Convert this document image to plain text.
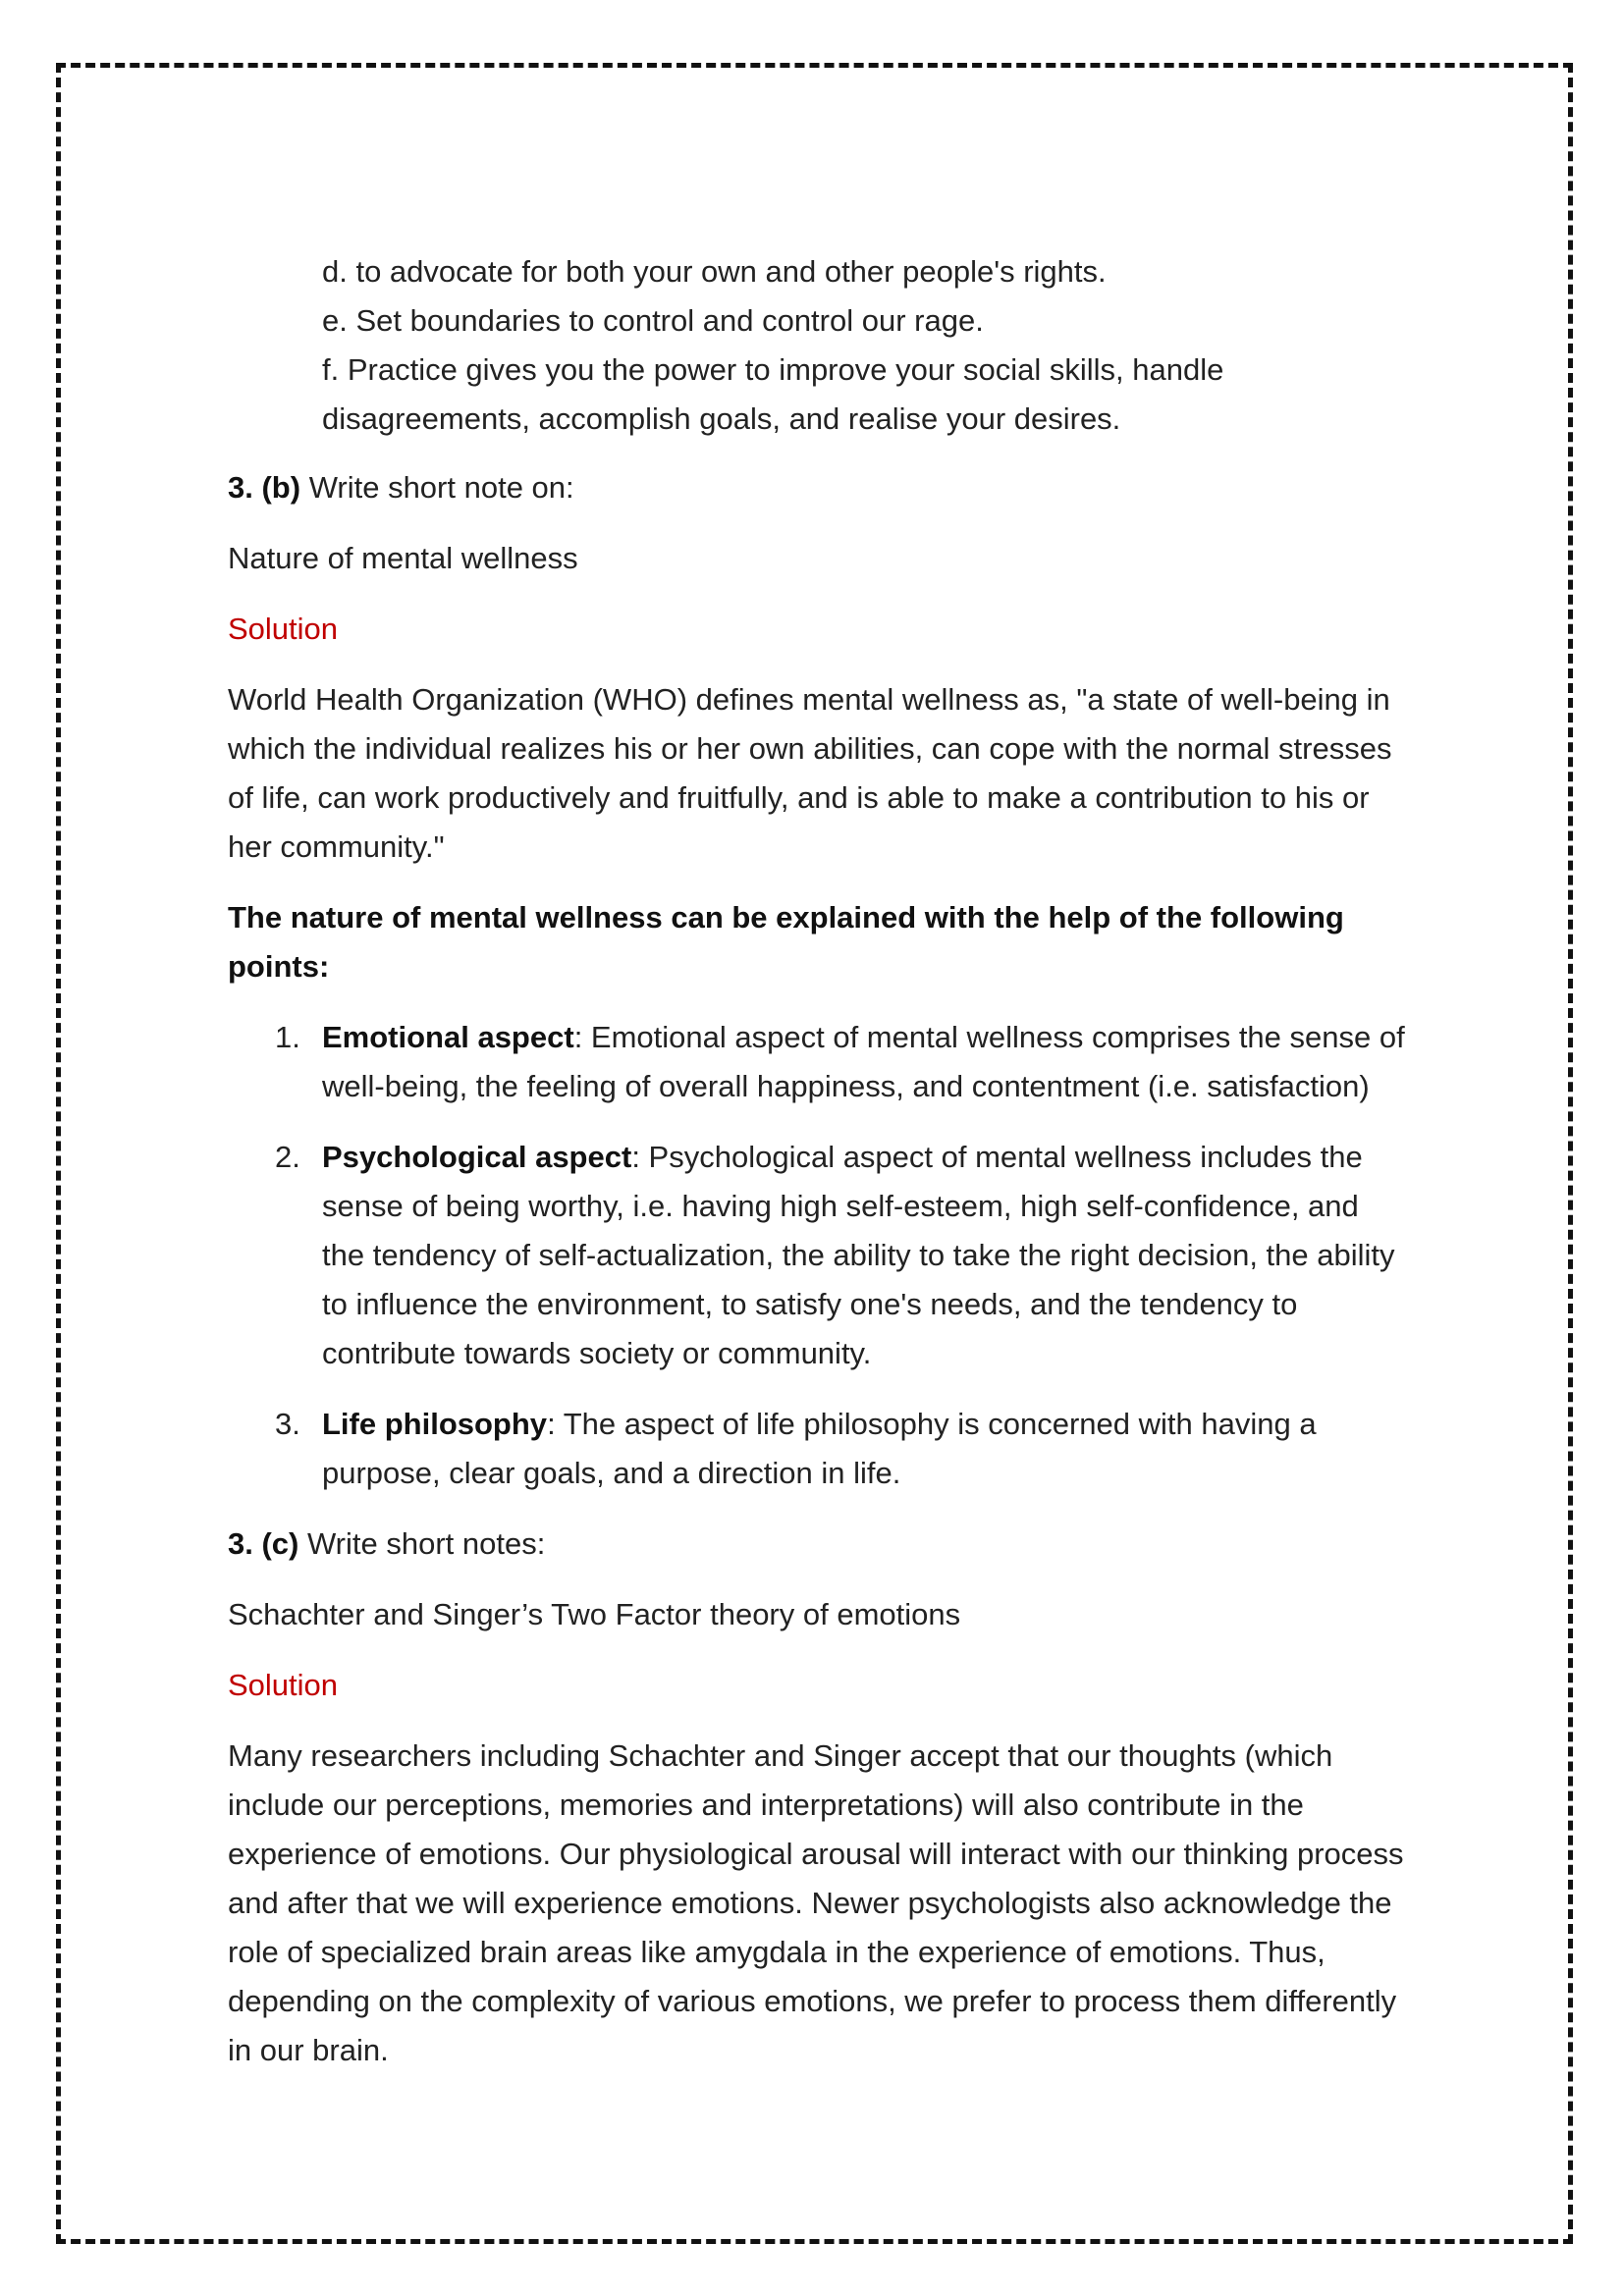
d. to advocate for both your own and other people's rights.
e. Set boundaries to control and control our rage.
f. Practice gives you the power to improve your social skills, handle disagreements, accomplish goals, and realise your desires.

3. (b) Write short note on:

Nature of mental wellness

Solution

World Health Organization (WHO) defines mental wellness as, "a state of well-being in which the individual realizes his or her own abilities, can cope with the normal stresses of life, can work productively and fruitfully, and is able to make a contribution to his or her community."

The nature of mental wellness can be explained with the help of the following points:

1. Emotional aspect: Emotional aspect of mental wellness comprises the sense of well-being, the feeling of overall happiness, and contentment (i.e. satisfaction)
2. Psychological aspect: Psychological aspect of mental wellness includes the sense of being worthy, i.e. having high self-esteem, high self-confidence, and the tendency of self-actualization, the ability to take the right decision, the ability to influence the environment, to satisfy one's needs, and the tendency to contribute towards society or community.
3. Life philosophy: The aspect of life philosophy is concerned with having a purpose, clear goals, and a direction in life.

3. (c) Write short notes:

Schachter and Singer’s Two Factor theory of emotions

Solution

Many researchers including Schachter and Singer accept that our thoughts (which include our perceptions, memories and interpretations) will also contribute in the experience of emotions. Our physiological arousal will interact with our thinking process and after that we will experience emotions. Newer psychologists also acknowledge the role of specialized brain areas like amygdala in the experience of emotions. Thus, depending on the complexity of various emotions, we prefer to process them differently in our brain.
